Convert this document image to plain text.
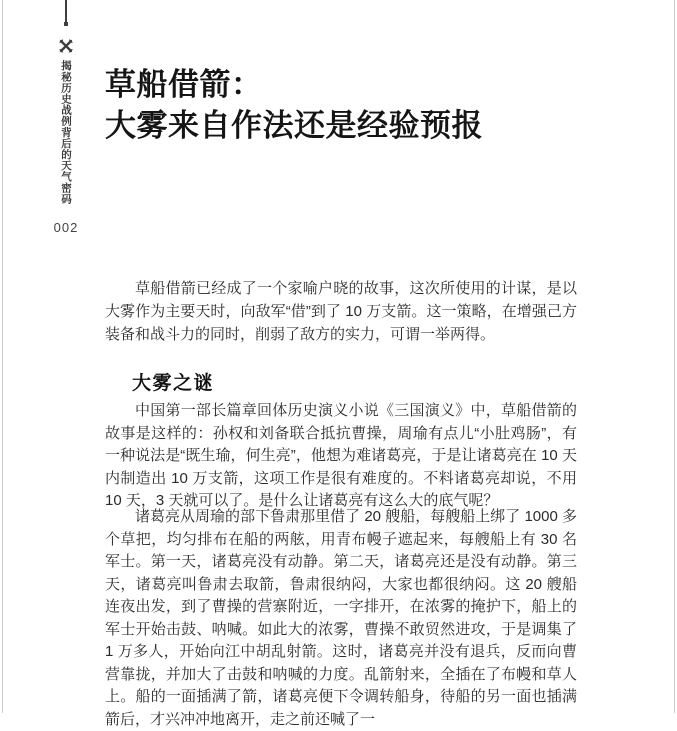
揭秘历史战例背后的天气密码
002
草船借箭：
大雾来自作法还是经验预报

草船借箭已经成了一个家喻户晓的故事，这次所使用的计谋，是以大雾作为主要天时，向敌军“借”到了 10 万支箭。这一策略，在增强己方装备和战斗力的同时，削弱了敌方的实力，可谓一举两得。

大雾之谜

中国第一部长篇章回体历史演义小说《三国演义》中，草船借箭的故事是这样的：孙权和刘备联合抵抗曹操，周瑜有点儿“小肚鸡肠”，有一种说法是“既生瑜，何生亮”，他想为难诸葛亮，于是让诸葛亮在 10 天内制造出 10 万支箭，这项工作是很有难度的。不料诸葛亮却说，不用 10 天，3 天就可以了。是什么让诸葛亮有这么大的底气呢？

诸葛亮从周瑜的部下鲁肃那里借了 20 艘船，每艘船上绑了 1000 多个草把，均匀排布在船的两舷，用青布幔子遮起来，每艘船上有 30 名军士。第一天，诸葛亮没有动静。第二天，诸葛亮还是没有动静。第三天，诸葛亮叫鲁肃去取箭，鲁肃很纳闷，大家也都很纳闷。这 20 艘船连夜出发，到了曹操的营寨附近，一字排开，在浓雾的掩护下，船上的军士开始击鼓、呐喊。如此大的浓雾，曹操不敢贸然进攻，于是调集了 1 万多人，开始向江中胡乱射箭。这时，诸葛亮并没有退兵，反而向曹营靠拢，并加大了击鼓和呐喊的力度。乱箭射来，全插在了布幔和草人上。船的一面插满了箭，诸葛亮便下令调转船身，待船的另一面也插满箭后，才兴冲冲地离开，走之前还喊了一
